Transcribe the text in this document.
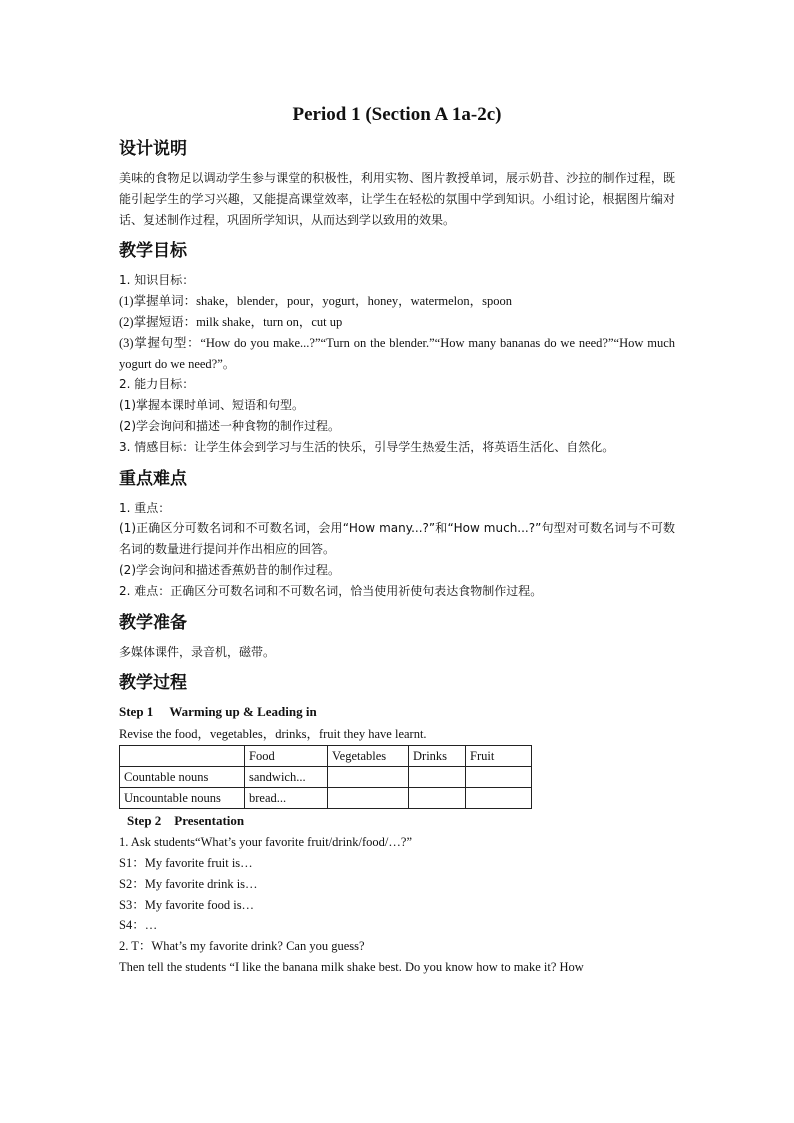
Period 1 (Section A 1a-2c)
设计说明

美味的食物足以调动学生参与课堂的积极性，利用实物、图片教授单词，展示奶昔、沙拉的制作过程，既能引起学生的学习兴趣，又能提高课堂效率，让学生在轻松的氛围中学到知识。小组讨论，根据图片编对话、复述制作过程，巩固所学知识，从而达到学以致用的效果。

教学目标

1. 知识目标：

(1)掌握单词：shake，blender，pour，yogurt，honey，watermelon，spoon

(2)掌握短语：milk shake，turn on，cut up

(3)掌握句型：“How do you make...?”“Turn on the blender.”“How many bananas do we need?”“How much yogurt do we need?”。

2. 能力目标：

(1)掌握本课时单词、短语和句型。

(2)学会询问和描述一种食物的制作过程。

3. 情感目标：让学生体会到学习与生活的快乐，引导学生热爱生活，将英语生活化、自然化。

重点难点

1. 重点：

(1)正确区分可数名词和不可数名词，会用“How many...?”和“How much...?”句型对可数名词与不可数名词的数量进行提问并作出相应的回答。

(2)学会询问和描述香蕉奶昔的制作过程。

2. 难点：正确区分可数名词和不可数名词，恰当使用祈使句表达食物制作过程。

教学准备

多媒体课件，录音机，磁带。

教学过程
Step 1　 Warming up & Leading in

Revise the food，vegetables，drinks，fruit they have learnt.

	Food	Vegetables	Drinks	Fruit
Countable nouns	sandwich...			
Uncountable nouns	bread...			
Step 2　Presentation

1. Ask students“What’s your favorite fruit/drink/food/…?”

S1：My favorite fruit is…

S2：My favorite drink is…

S3：My favorite food is…

S4：…

2. T：What’s my favorite drink? Can you guess?

Then tell the students “I like the banana milk shake best. Do you know how to make it? How
